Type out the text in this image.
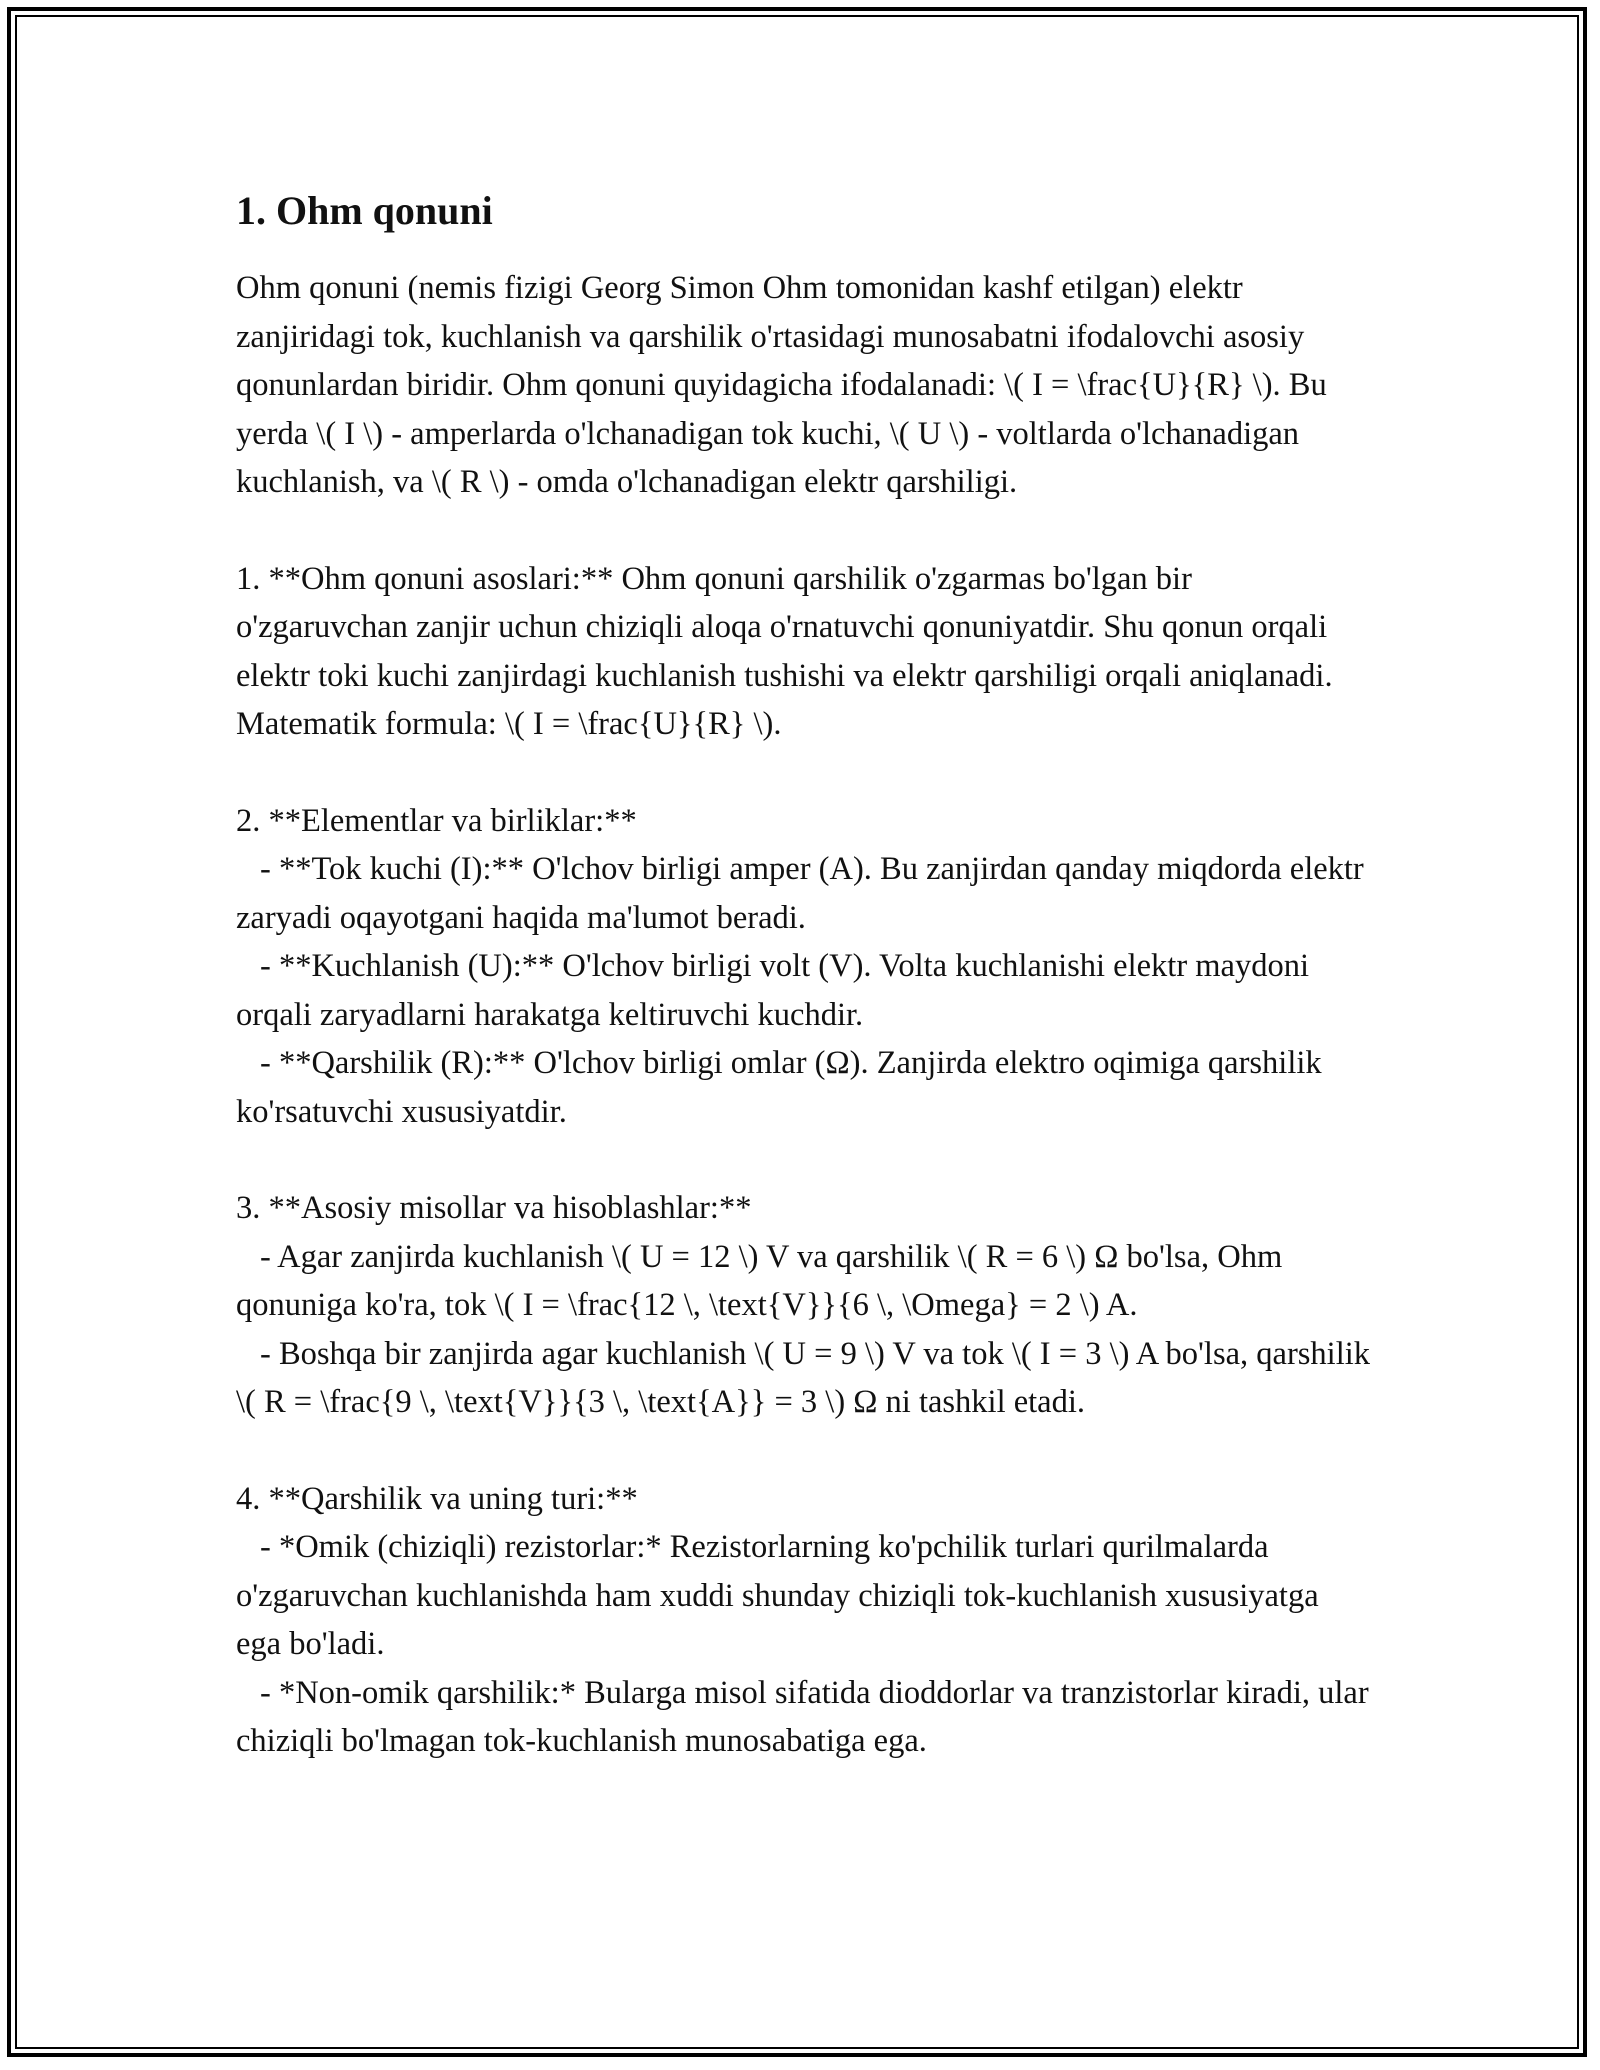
1. Ohm qonuni

Ohm qonuni (nemis fizigi Georg Simon Ohm tomonidan kashf etilgan) elektr zanjiridagi tok, kuchlanish va qarshilik o'rtasidagi munosabatni ifodalovchi asosiy qonunlardan biridir. Ohm qonuni quyidagicha ifodalanadi: \( I = \frac{U}{R} \). Bu yerda \( I \) - amperlarda o'lchanadigan tok kuchi, \( U \) - voltlarda o'lchanadigan kuchlanish, va \( R \) - omda o'lchanadigan elektr qarshiligi.

1. **Ohm qonuni asoslari:** Ohm qonuni qarshilik o'zgarmas bo'lgan bir o'zgaruvchan zanjir uchun chiziqli aloqa o'rnatuvchi qonuniyatdir. Shu qonun orqali elektr toki kuchi zanjirdagi kuchlanish tushishi va elektr qarshiligi orqali aniqlanadi. Matematik formula: \( I = \frac{U}{R} \).

2. **Elementlar va birliklar:**

- **Tok kuchi (I):** O'lchov birligi amper (A). Bu zanjirdan qanday miqdorda elektr zaryadi oqayotgani haqida ma'lumot beradi.

- **Kuchlanish (U):** O'lchov birligi volt (V). Volta kuchlanishi elektr maydoni orqali zaryadlarni harakatga keltiruvchi kuchdir.

- **Qarshilik (R):** O'lchov birligi omlar (Ω). Zanjirda elektro oqimiga qarshilik ko'rsatuvchi xususiyatdir.

3. **Asosiy misollar va hisoblashlar:**

- Agar zanjirda kuchlanish \( U = 12 \) V va qarshilik \( R = 6 \) Ω bo'lsa, Ohm qonuniga ko'ra, tok \( I = \frac{12 \, \text{V}}{6 \, \Omega} = 2 \) A.

- Boshqa bir zanjirda agar kuchlanish \( U = 9 \) V va tok \( I = 3 \) A bo'lsa, qarshilik \( R = \frac{9 \, \text{V}}{3 \, \text{A}} = 3 \) Ω ni tashkil etadi.

4. **Qarshilik va uning turi:**

- *Omik (chiziqli) rezistorlar:* Rezistorlarning ko'pchilik turlari qurilmalarda o'zgaruvchan kuchlanishda ham xuddi shunday chiziqli tok-kuchlanish xususiyatga ega bo'ladi.

- *Non-omik qarshilik:* Bularga misol sifatida dioddorlar va tranzistorlar kiradi, ular chiziqli bo'lmagan tok-kuchlanish munosabatiga ega.
